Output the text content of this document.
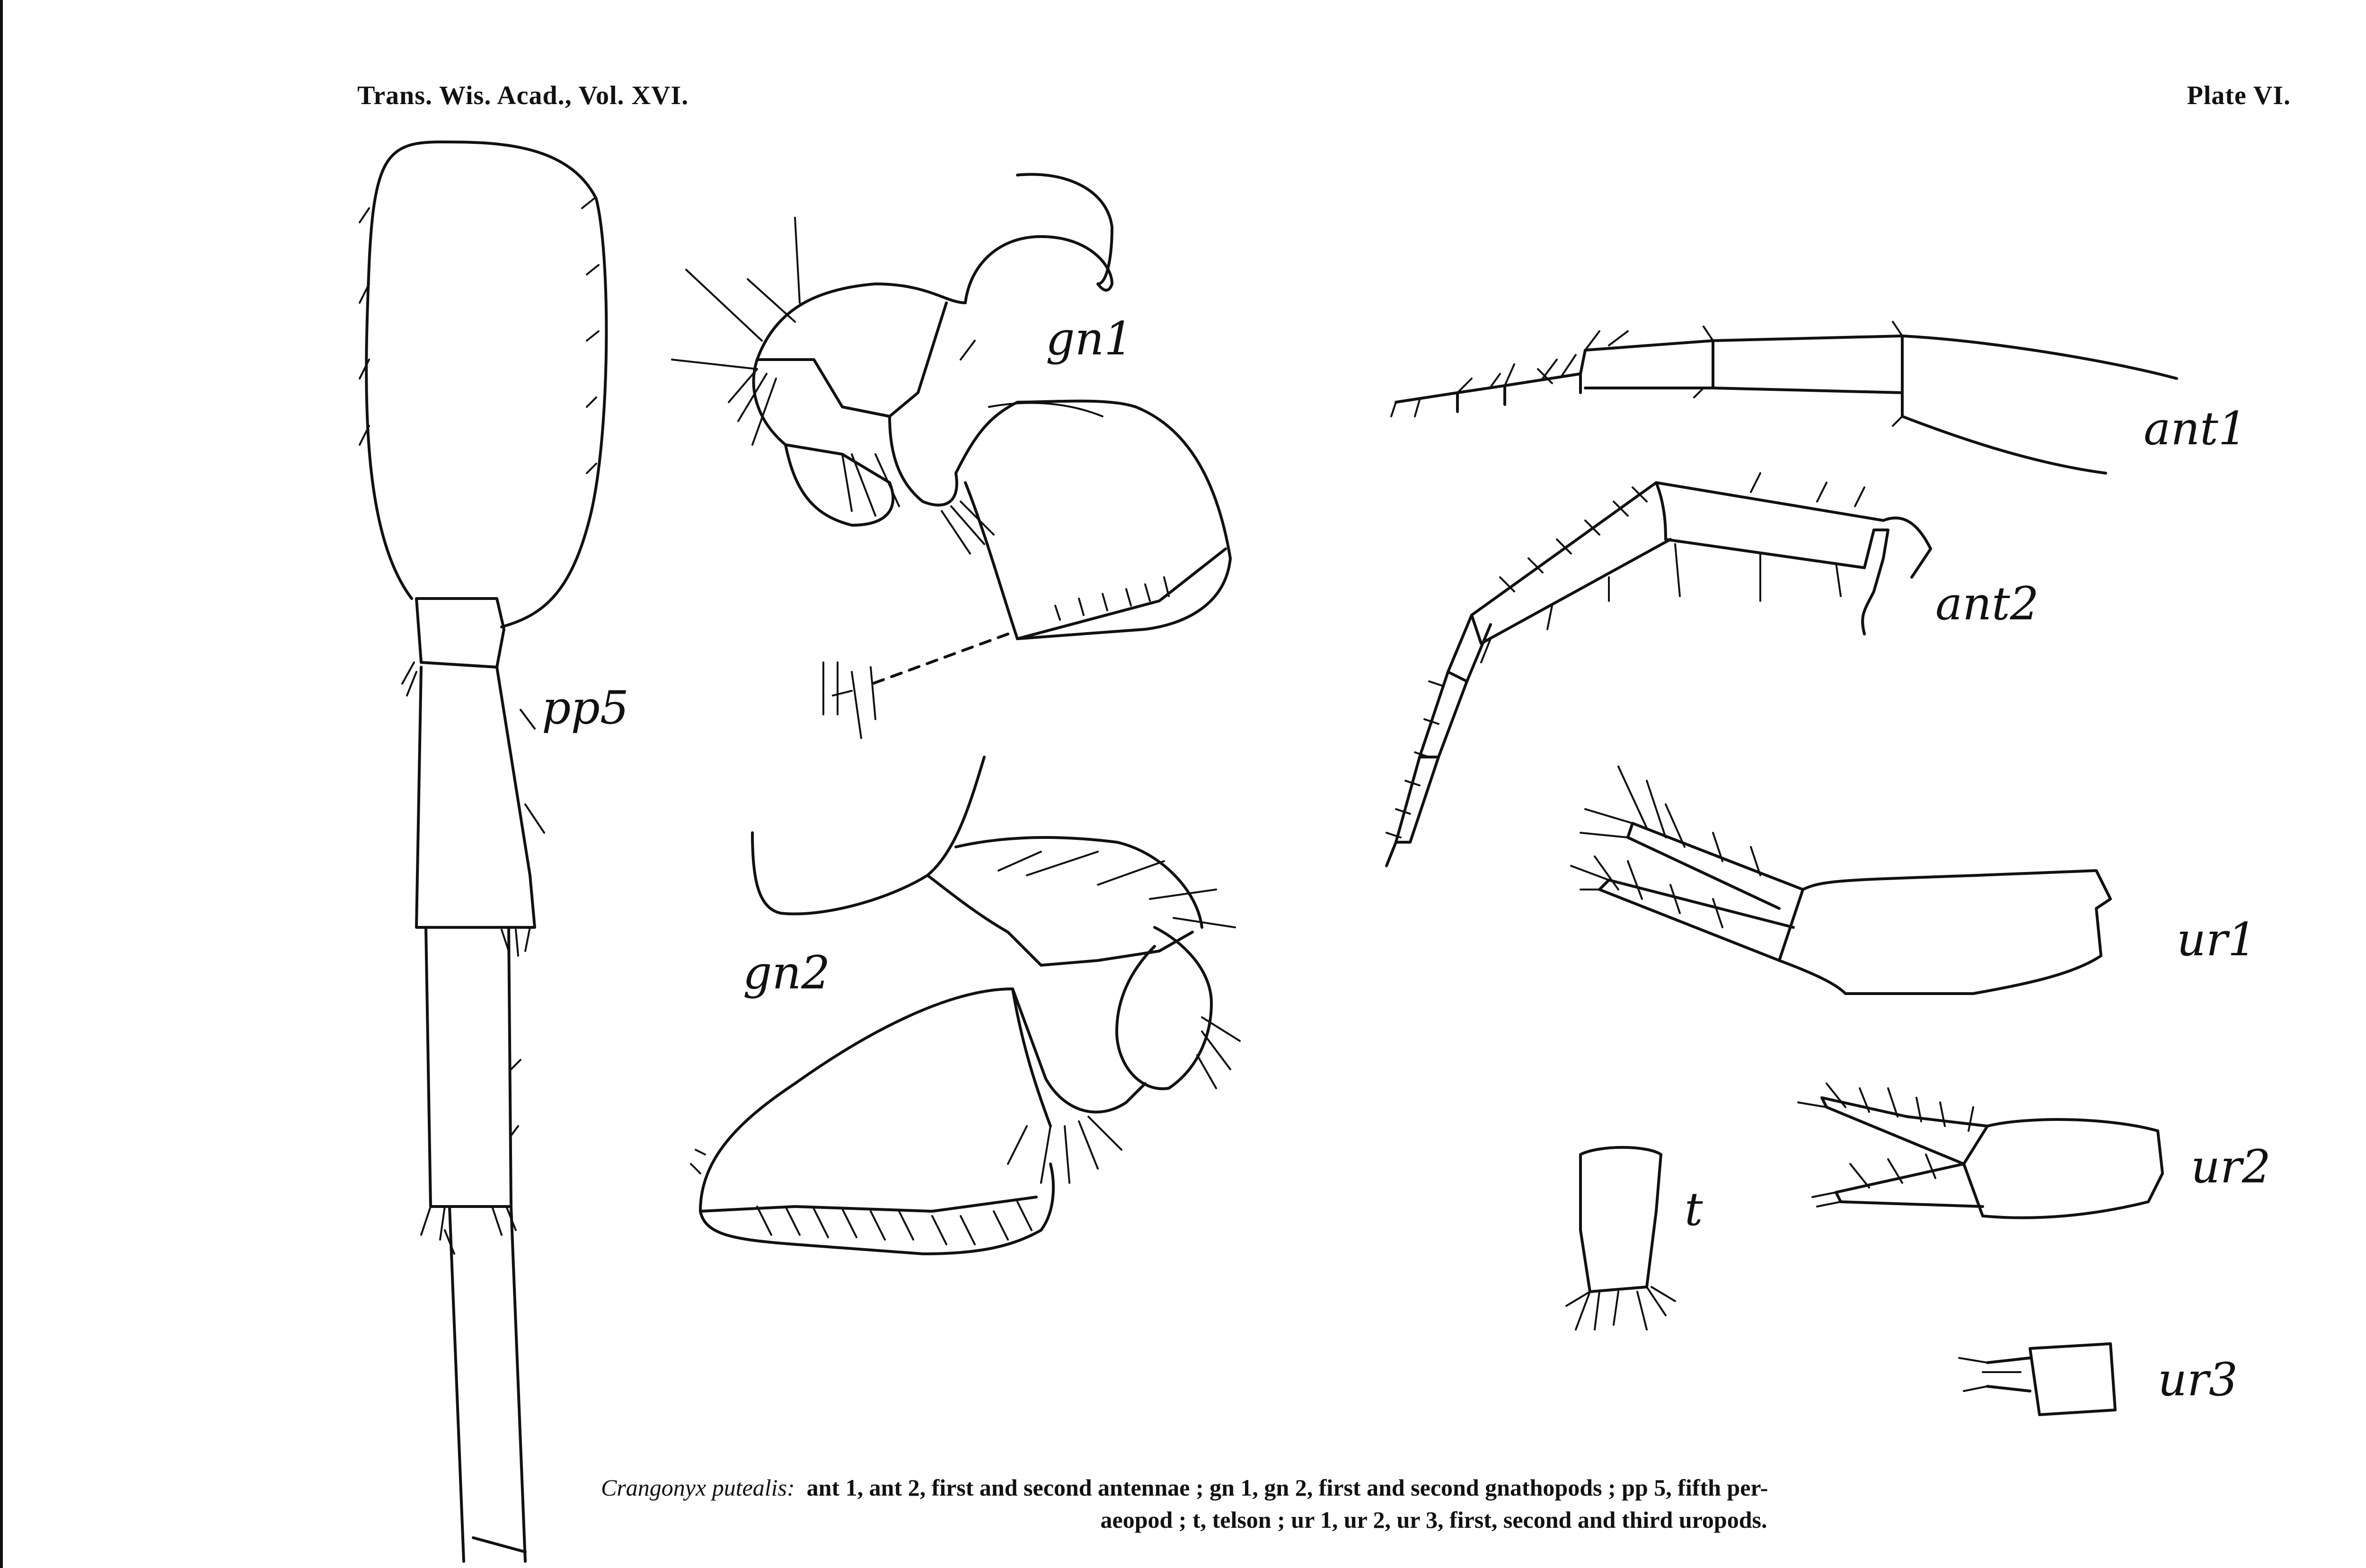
Trans. Wis. Acad., Vol. XVI.	Plate VI.
pp5
gn1
gn2
ant1
ant2
ur1
ur2
ur3
t
Crangonyx putealis: ant 1, ant 2, first and second antennae ; gn 1, gn 2, first and second gnathopods ; pp 5, fifth per-
aeopod ; t, telson ; ur 1, ur 2, ur 3, first, second and third uropods.
